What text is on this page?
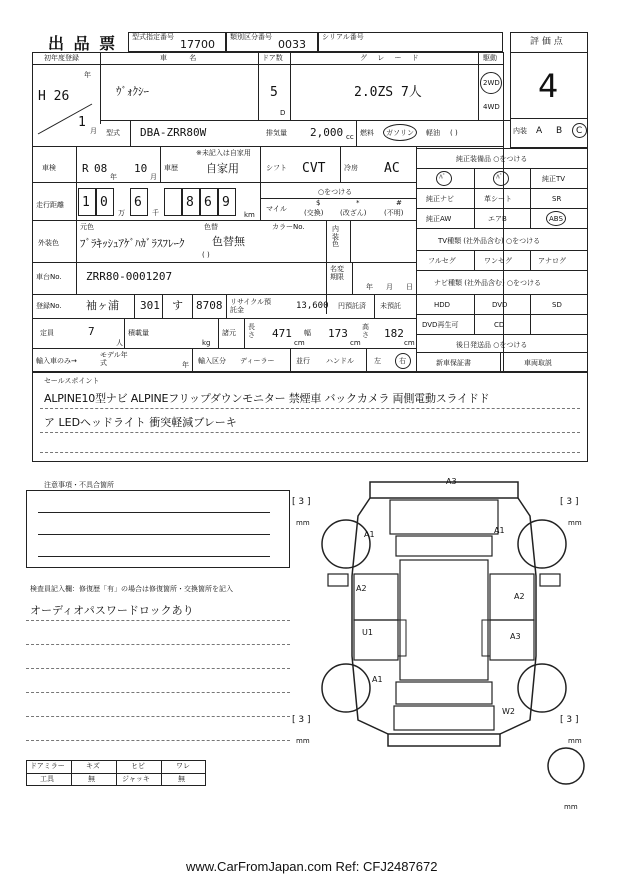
出 品 票 型式指定番号
17700
類別区分番号
0033
シリアル番号	評 価 点
4
内装 A B C
初年度登録
年
H 26
1
月
車 名
ｳﾞｫｸｼｰ
ドア数
5
D
グ レ ー ド
2.0ZS 7人
駆動
2WD
4WD
型式 DBA-ZRR80W	排気量 2,000 cc 燃料 ガソリン 軽油 ( )
車検 R 08
年
10
月
※未記入は自家用
車歴	自家用	シフト CVT	冷房 AC
走行距離 1 0
万
6
千
8 6 9
km
○をつける
マイル
$
(交換)
*
(改ざん)
#
(不明)
外装色
元色
ﾌﾞﾗｷｯｼｭｱｹﾞﾊｶﾞﾗｽﾌﾚｰｸ
色替
色替無
( )
カラーNo.	内装色
車台No. ZRR80-0001207
名変期限
年 月 日
登録No. 袖ヶ浦 301 す 8708 リサイクル預託金	13,600 円預託済 未預託
定員	7
人
積載量
kg
諸元
長さ 471
cm
幅 173
cm
高さ 182
cm
輸入車のみ→
モデル年式	年 輸入区分 ディーラー	並行 ハンドル	左	右
純正装備品 ○をつける
ﾊﾟ	ﾊﾟ	純正TV
純正ナビ	革シート	SR
純正AW	エアB	ABS
TV種類 (社外品含む) ○をつける
フルセグ	ワンセグ	アナログ
ナビ種類 (社外品含む) ○をつける
HDD	DVD	SD
DVD再生可	CD
後日発送品 ○をつける
新車保証書	車両取説
セールスポイント
ALPINE10型ナビ ALPINEフリップダウンモニター 禁煙車 バックカメラ 両側電動スライドド
ア LEDヘッドライト 衝突軽減ブレーキ
注意事項・不具合箇所
検査員記入欄：修復歴「有」の場合は修復箇所・交換箇所を記入
オーディオパスワードロックあり
ドアミラー	キズ	ヒビ	ワレ
工具	無	ジャッキ	無
A3
A1	A1
A2
A2
U1	A3
A1
W2
[ 3 ]
mm
[ 3 ]
mm
[ 3 ]
mm
[ 3 ]
mm
mm
www.CarFromJapan.com Ref: CFJ2487672
